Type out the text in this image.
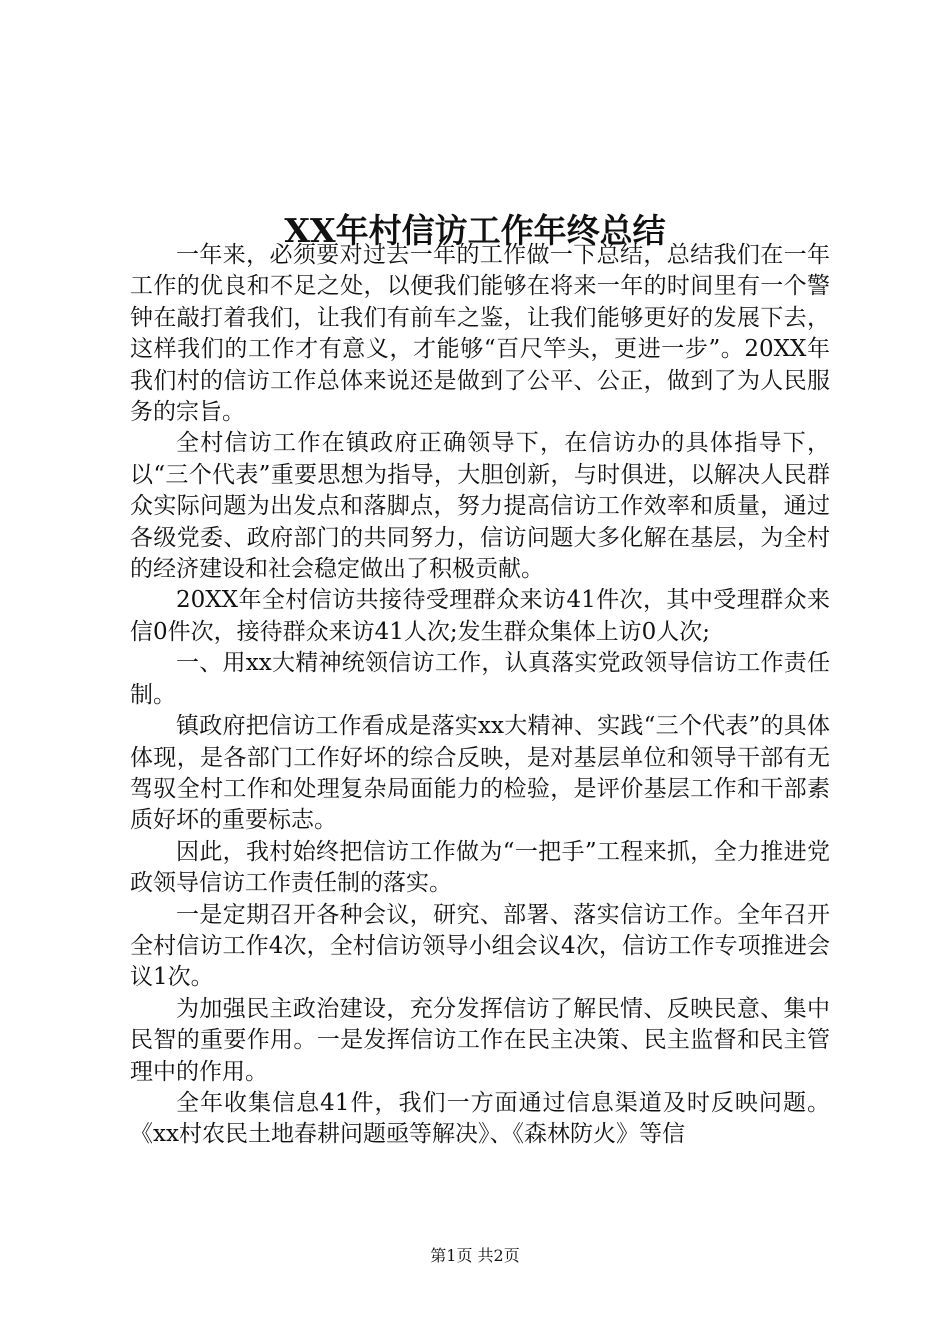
XX年村信访工作年终总结

一年来，必须要对过去一年的工作做一下总结，总结我们在一年工作的优良和不足之处，以便我们能够在将来一年的时间里有一个警钟在敲打着我们，让我们有前车之鉴，让我们能够更好的发展下去，这样我们的工作才有意义，才能够“百尺竿头，更进一步”。20XX年我们村的信访工作总体来说还是做到了公平、公正，做到了为人民服务的宗旨。

全村信访工作在镇政府正确领导下，在信访办的具体指导下，以“三个代表”重要思想为指导，大胆创新，与时俱进，以解决人民群众实际问题为出发点和落脚点，努力提高信访工作效率和质量，通过各级党委、政府部门的共同努力，信访问题大多化解在基层，为全村的经济建设和社会稳定做出了积极贡献。

20XX年全村信访共接待受理群众来访41件次，其中受理群众来信0件次，接待群众来访41人次;发生群众集体上访0人次;

一、用xx大精神统领信访工作，认真落实党政领导信访工作责任制。

镇政府把信访工作看成是落实xx大精神、实践“三个代表”的具体体现，是各部门工作好坏的综合反映，是对基层单位和领导干部有无驾驭全村工作和处理复杂局面能力的检验，是评价基层工作和干部素质好坏的重要标志。

因此，我村始终把信访工作做为“一把手”工程来抓，全力推进党政领导信访工作责任制的落实。

一是定期召开各种会议，研究、部署、落实信访工作。全年召开全村信访工作4次，全村信访领导小组会议4次，信访工作专项推进会议1次。

为加强民主政治建设，充分发挥信访了解民情、反映民意、集中民智的重要作用。一是发挥信访工作在民主决策、民主监督和民主管理中的作用。

全年收集信息41件，我们一方面通过信息渠道及时反映问题。《xx村农民土地春耕问题亟等解决》、《森林防火》等信

第1页 共2页
